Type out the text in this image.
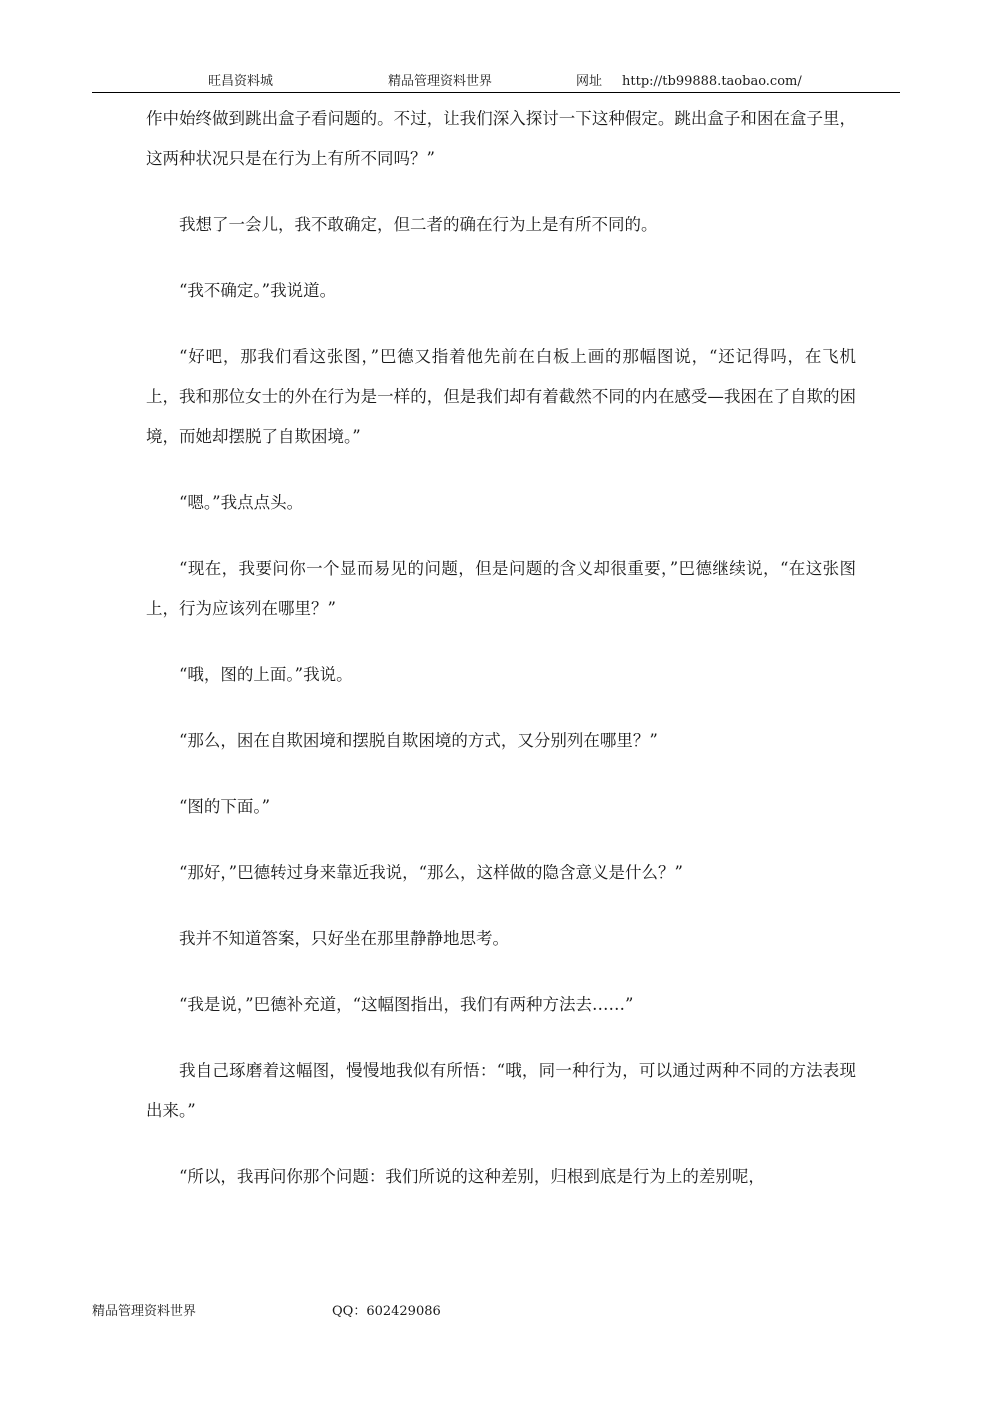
旺昌资料城	精品管理资料世界	网址 http://tb99888.taobao.com/

作中始终做到跳出盒子看问题的。不过，让我们深入探讨一下这种假定。跳出盒子和困在盒子里，这两种状况只是在行为上有所不同吗？”

我想了一会儿，我不敢确定，但二者的确在行为上是有所不同的。

“我不确定。”我说道。

“好吧，那我们看这张图，”巴德又指着他先前在白板上画的那幅图说，“还记得吗，在飞机上，我和那位女士的外在行为是一样的，但是我们却有着截然不同的内在感受—我困在了自欺的困境，而她却摆脱了自欺困境。”

“嗯。”我点点头。

“现在，我要问你一个显而易见的问题，但是问题的含义却很重要，”巴德继续说，“在这张图上，行为应该列在哪里？”

“哦，图的上面。”我说。

“那么，困在自欺困境和摆脱自欺困境的方式，又分别列在哪里？”

“图的下面。”

“那好，”巴德转过身来靠近我说，“那么，这样做的隐含意义是什么？”

我并不知道答案，只好坐在那里静静地思考。

“我是说，”巴德补充道，“这幅图指出，我们有两种方法去……”

我自己琢磨着这幅图，慢慢地我似有所悟：“哦，同一种行为，可以通过两种不同的方法表现出来。”

“所以，我再问你那个问题：我们所说的这种差别，归根到底是行为上的差别呢，

精品管理资料世界	QQ：602429086
